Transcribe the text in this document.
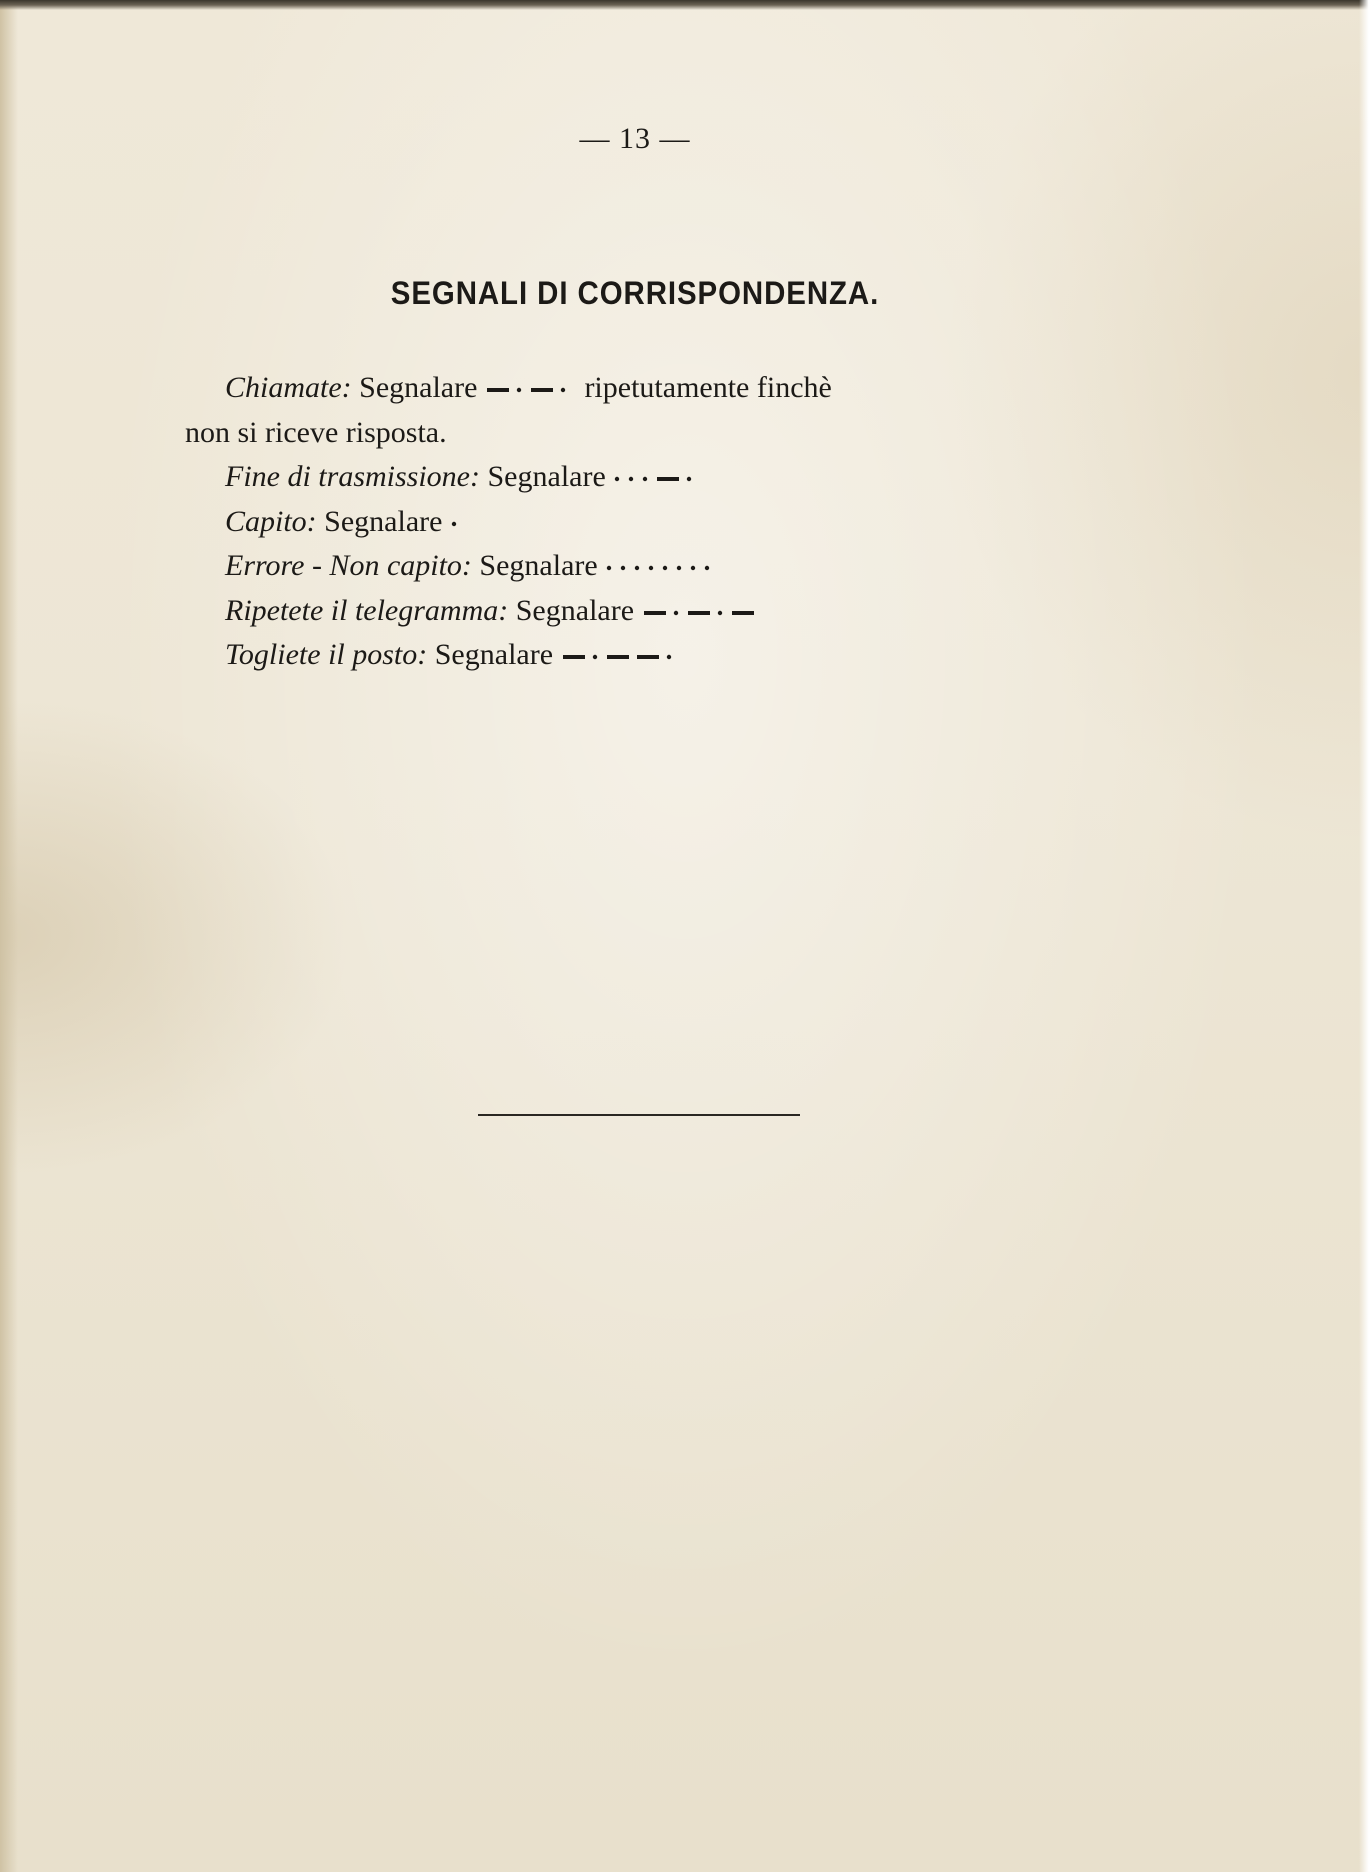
— 13 —
SEGNALI DI CORRISPONDENZA.
Chiamate: Segnalare	ripetutamente finchè
non si riceve risposta.
Fine di trasmissione: Segnalare
Capito: Segnalare
Errore - Non capito: Segnalare
Ripetete il telegramma: Segnalare
Togliete il posto: Segnalare
